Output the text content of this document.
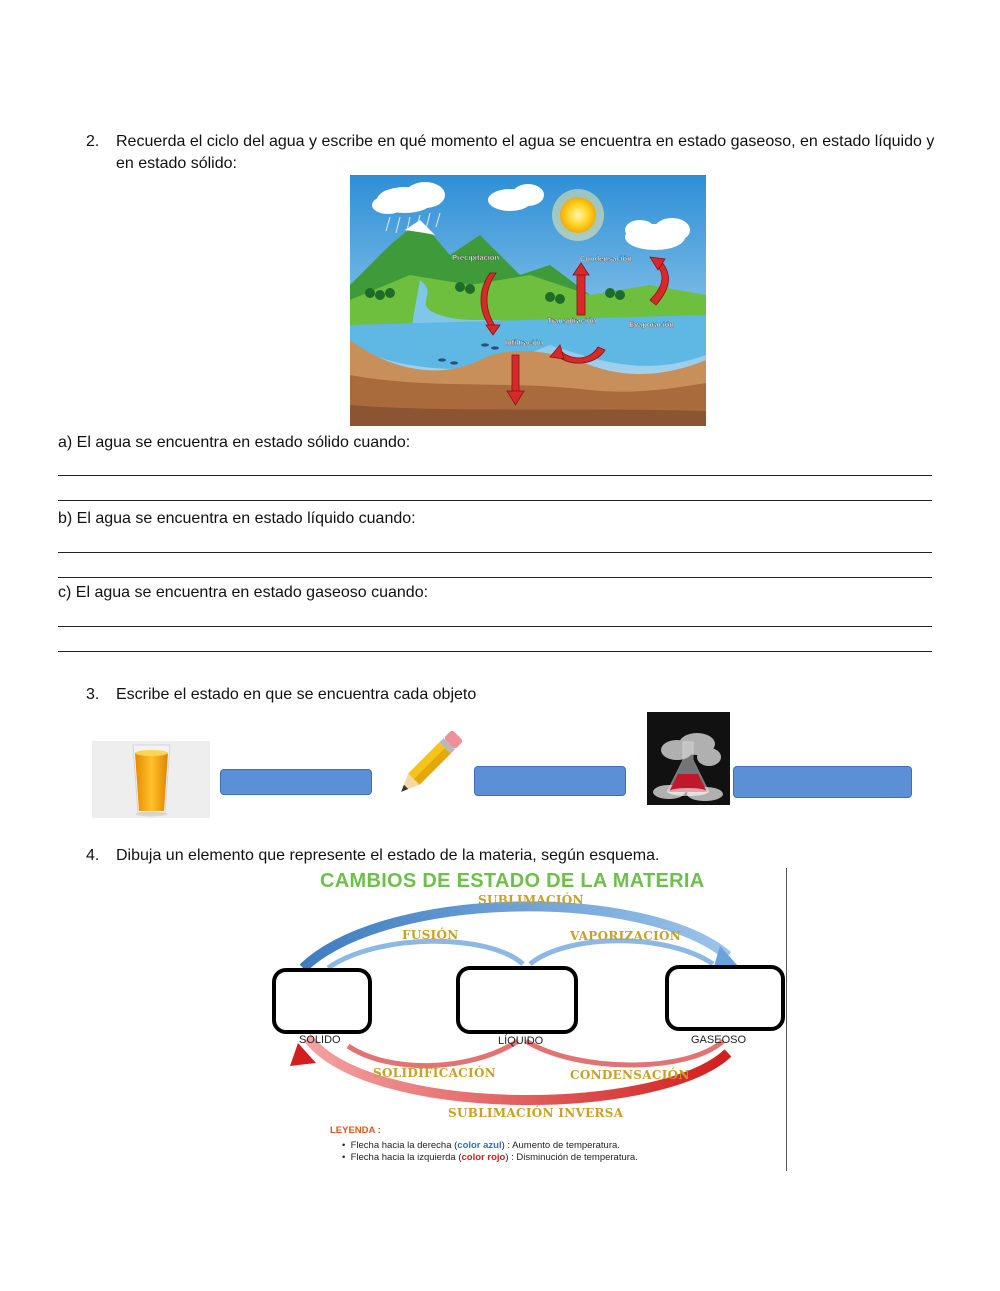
2. Recuerda el ciclo del agua y escribe en qué momento el agua se encuentra en estado gaseoso, en estado líquido y
en estado sólido:
Precipitación	Condensación
Transpiración	Evaporación
Infiltración
a) El agua se encuentra en estado sólido cuando:
b) El agua se encuentra en estado líquido cuando:
c) El agua se encuentra en estado gaseoso cuando:
3. Escribe el estado en que se encuentra cada objeto
4. Dibuja un elemento que represente el estado de la materia, según esquema.
CAMBIOS DE ESTADO DE LA MATERIA
SUBLIMACIÓN
FUSIÓN	VAPORIZACIÓN
SÓLIDO	LÍQUIDO	GASEOSO
SOLIDIFICACIÓN	CONDENSACIÓN
SUBLIMACIÓN INVERSA
LEYENDA :
•  Flecha hacia la derecha (color azul) : Aumento de temperatura.
•  Flecha hacia la izquierda (color rojo) : Disminución de temperatura.
